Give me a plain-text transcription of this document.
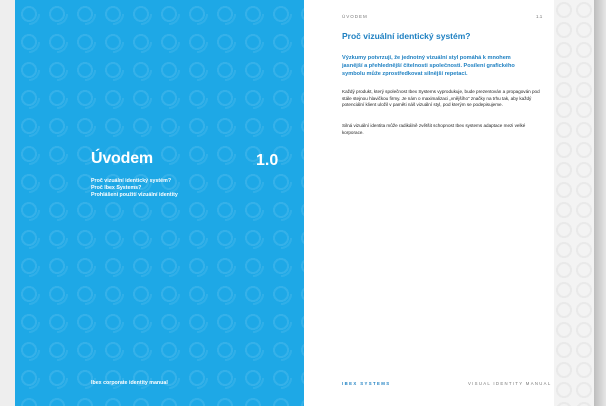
Úvodem	1.0
Proč vizuální identický systém?
Proč Ibex Systems?
Prohlášení použití vizuální identity
Ibex corporate identity manual
ÚVODEM	1.1
Proč vizuální identický systém?
Výzkumy potvrzují, že jednotný vizuální styl pomáhá k mnohem jasnější a přehlednější čitelnosti společnosti. Posílení grafického symbolu může zprostředkovat silnější repetaci.
Každý produkt, který společnost Ibex Systems vyprodukuje, bude prezentován a propagován pod stále stejnou hlavičkou firmy. Je nám o maximalizaci „vnějšího“ značky na trhu tak, aby každý potenciální klient uložil v paměti náš vizuální styl, pod kterým se podepisujeme.
Silná vizuální identita může radikálně zvětšit schopnost Ibex systems adaptace mezi velké korporace.
IBEX SYSTEMS	VISUAL IDENTITY MANUAL
